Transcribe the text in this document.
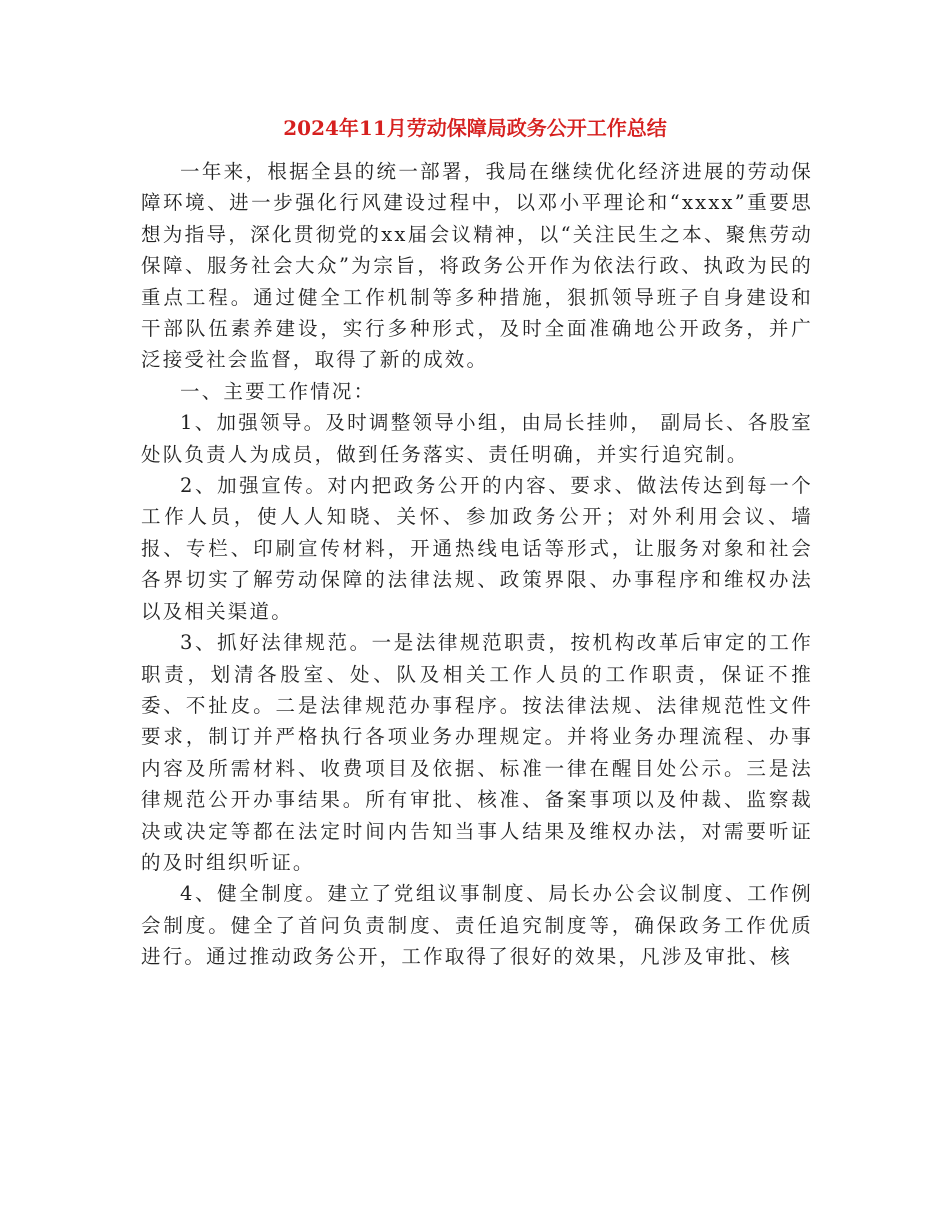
2024年11月劳动保障局政务公开工作总结

一年来，根据全县的统一部署，我局在继续优化经济进展的劳动保障环境、进一步强化行风建设过程中，以邓小平理论和“xxxx”重要思想为指导，深化贯彻党的xx届会议精神，以“关注民生之本、聚焦劳动保障、服务社会大众”为宗旨，将政务公开作为依法行政、执政为民的重点工程。通过健全工作机制等多种措施，狠抓领导班子自身建设和干部队伍素养建设，实行多种形式，及时全面准确地公开政务，并广泛接受社会监督，取得了新的成效。

一、主要工作情况：

1、加强领导。及时调整领导小组，由局长挂帅， 副局长、各股室处队负责人为成员，做到任务落实、责任明确，并实行追究制。

2、加强宣传。对内把政务公开的内容、要求、做法传达到每一个工作人员，使人人知晓、关怀、参加政务公开；对外利用会议、墙报、专栏、印刷宣传材料，开通热线电话等形式，让服务对象和社会各界切实了解劳动保障的法律法规、政策界限、办事程序和维权办法以及相关渠道。

3、抓好法律规范。一是法律规范职责，按机构改革后审定的工作职责，划清各股室、处、队及相关工作人员的工作职责，保证不推委、不扯皮。二是法律规范办事程序。按法律法规、法律规范性文件要求，制订并严格执行各项业务办理规定。并将业务办理流程、办事内容及所需材料、收费项目及依据、标准一律在醒目处公示。三是法律规范公开办事结果。所有审批、核准、备案事项以及仲裁、监察裁决或决定等都在法定时间内告知当事人结果及维权办法，对需要听证的及时组织听证。

4、健全制度。建立了党组议事制度、局长办公会议制度、工作例会制度。健全了首问负责制度、责任追究制度等，确保政务工作优质进行。通过推动政务公开，工作取得了很好的效果，凡涉及审批、核
